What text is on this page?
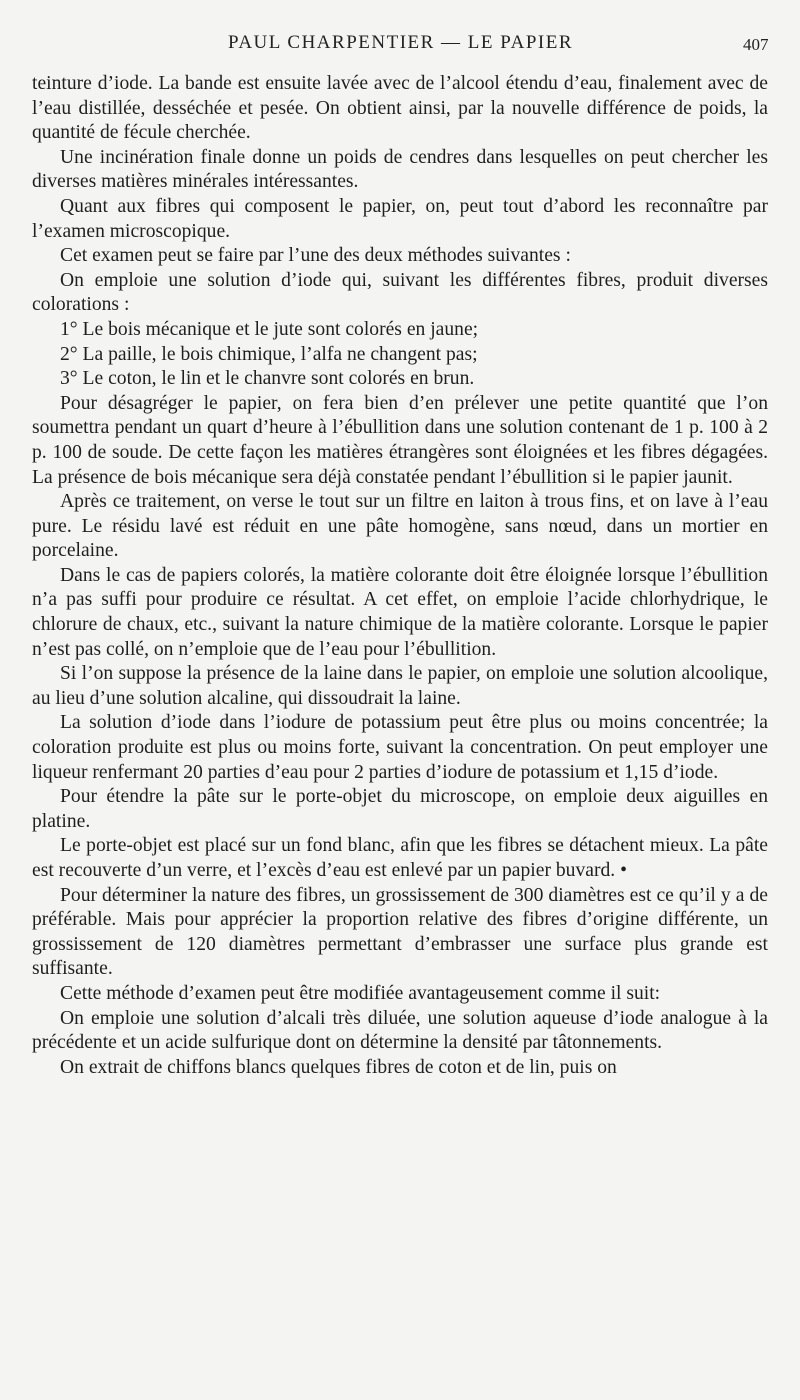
PAUL CHARPENTIER — LE PAPIER	407

teinture d’iode. La bande est ensuite lavée avec de l’alcool étendu d’eau, finalement avec de l’eau distillée, desséchée et pesée. On obtient ainsi, par la nouvelle différence de poids, la quantité de fécule cherchée.

Une incinération finale donne un poids de cendres dans lesquelles on peut chercher les diverses matières minérales intéressantes.

Quant aux fibres qui composent le papier, on, peut tout d’abord les reconnaître par l’examen microscopique.

Cet examen peut se faire par l’une des deux méthodes suivantes :

On emploie une solution d’iode qui, suivant les différentes fibres, produit diverses colorations :

1° Le bois mécanique et le jute sont colorés en jaune;

2° La paille, le bois chimique, l’alfa ne changent pas;

3° Le coton, le lin et le chanvre sont colorés en brun.

Pour désagréger le papier, on fera bien d’en prélever une petite quantité que l’on soumettra pendant un quart d’heure à l’ébullition dans une solution contenant de 1 p. 100 à 2 p. 100 de soude. De cette façon les matières étrangères sont éloignées et les fibres dégagées. La présence de bois mécanique sera déjà constatée pendant l’ébullition si le papier jaunit.

Après ce traitement, on verse le tout sur un filtre en laiton à trous fins, et on lave à l’eau pure. Le résidu lavé est réduit en une pâte homogène, sans nœud, dans un mortier en porcelaine.

Dans le cas de papiers colorés, la matière colorante doit être éloignée lorsque l’ébullition n’a pas suffi pour produire ce résultat. A cet effet, on emploie l’acide chlorhydrique, le chlorure de chaux, etc., suivant la nature chimique de la matière colorante. Lorsque le papier n’est pas collé, on n’emploie que de l’eau pour l’ébullition.

Si l’on suppose la présence de la laine dans le papier, on emploie une solution alcoolique, au lieu d’une solution alcaline, qui dissoudrait la laine.

La solution d’iode dans l’iodure de potassium peut être plus ou moins concentrée; la coloration produite est plus ou moins forte, suivant la concentration. On peut employer une liqueur renfermant 20 parties d’eau pour 2 parties d’iodure de potassium et 1,15 d’iode.

Pour étendre la pâte sur le porte-objet du microscope, on emploie deux aiguilles en platine.

Le porte-objet est placé sur un fond blanc, afin que les fibres se détachent mieux. La pâte est recouverte d’un verre, et l’excès d’eau est enlevé par un papier buvard. •

Pour déterminer la nature des fibres, un grossissement de 300 diamètres est ce qu’il y a de préférable. Mais pour apprécier la proportion relative des fibres d’origine différente, un grossissement de 120 diamètres permettant d’embrasser une surface plus grande est suffisante.

Cette méthode d’examen peut être modifiée avantageusement comme il suit:

On emploie une solution d’alcali très diluée, une solution aqueuse d’iode analogue à la précédente et un acide sulfurique dont on détermine la densité par tâtonnements.

On extrait de chiffons blancs quelques fibres de coton et de lin, puis on
